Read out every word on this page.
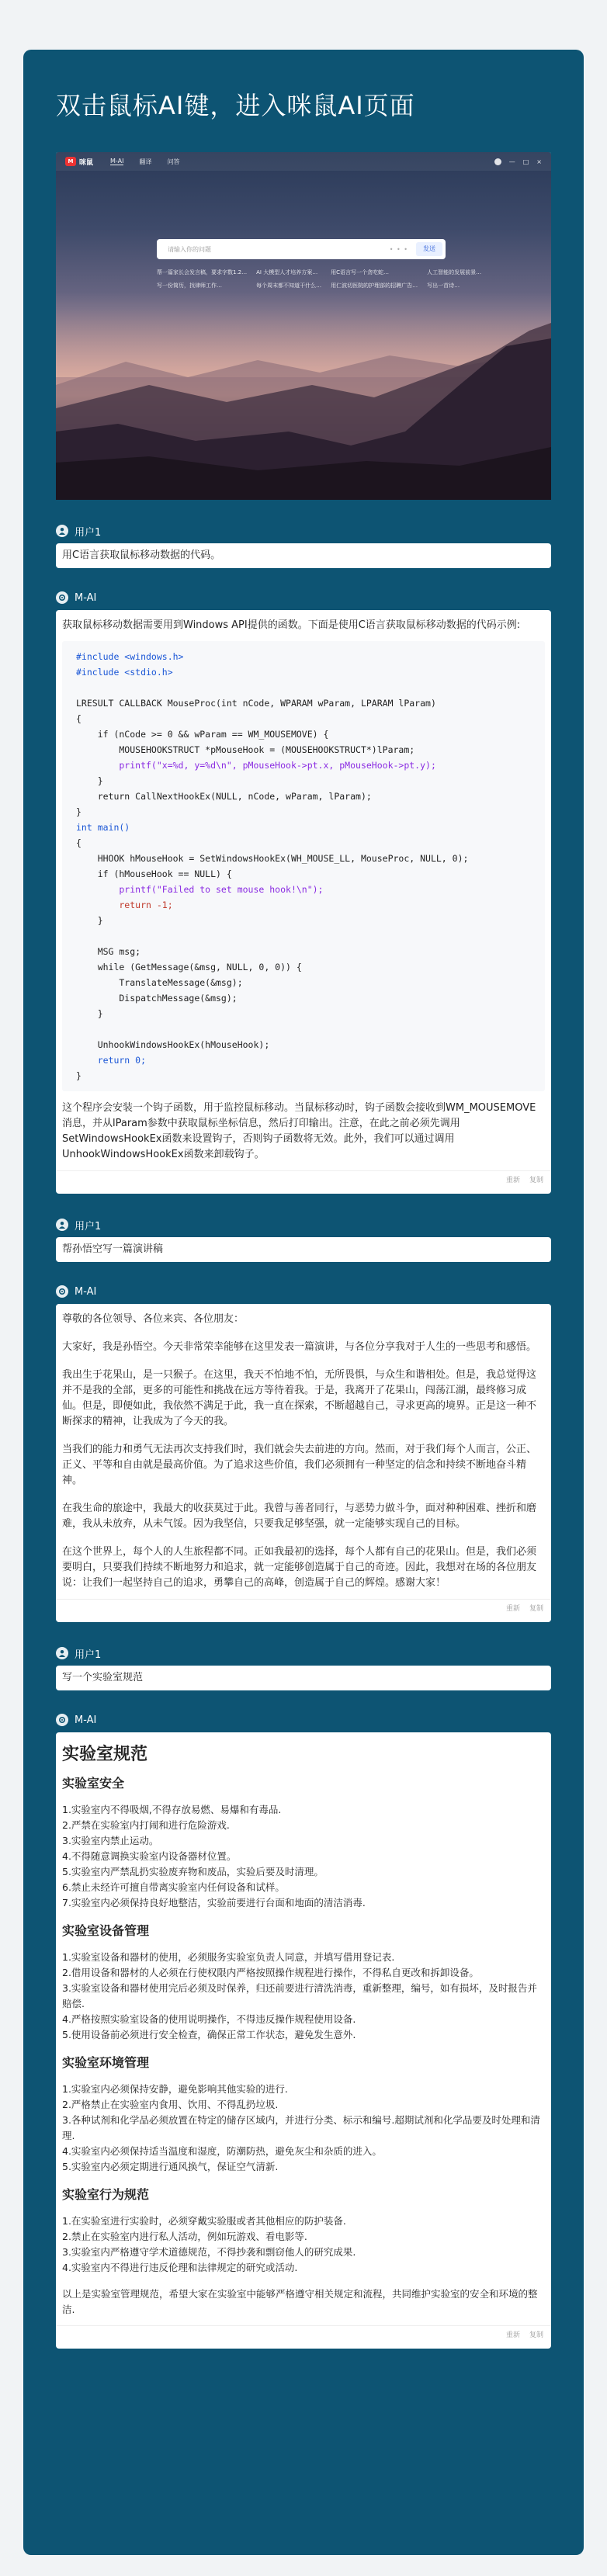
双击鼠标AI键，进入咪鼠AI页面
M 咪鼠	M-AI	翻译	问答	— □ ×
请输入你的问题	• • •	发送
帮一篇家长会发言稿，要求字数1.2… AI 大模型人才培养方案…	用C语言写一个贪吃蛇…	人工智能的发展前景…
写一份简历，找律师工作…	每个周末都不知道干什么… 用仁波切医院的护理部的招聘广告… 写出一首诗…
用户1
用C语言获取鼠标移动数据的代码。
M-AI
获取鼠标移动数据需要用到Windows API提供的函数。下面是使用C语言获取鼠标移动数据的代码示例:
#include <windows.h>
#include <stdio.h>

LRESULT CALLBACK MouseProc(int nCode, WPARAM wParam, LPARAM lParam)
{
if (nCode >= 0 && wParam == WM_MOUSEMOVE) {
MOUSEHOOKSTRUCT *pMouseHook = (MOUSEHOOKSTRUCT*)lParam;
printf("x=%d, y=%d\n", pMouseHook->pt.x, pMouseHook->pt.y);
}
return CallNextHookEx(NULL, nCode, wParam, lParam);
}
int main()
{
HHOOK hMouseHook = SetWindowsHookEx(WH_MOUSE_LL, MouseProc, NULL, 0);
if (hMouseHook == NULL) {
printf("Failed to set mouse hook!\n");
return -1;
}

MSG msg;
while (GetMessage(&msg, NULL, 0, 0)) {
TranslateMessage(&msg);
DispatchMessage(&msg);
}

UnhookWindowsHookEx(hMouseHook);
return 0;
}
这个程序会安装一个钩子函数，用于监控鼠标移动。当鼠标移动时，钩子函数会接收到WM_MOUSEMOVE消息，并从lParam参数中获取鼠标坐标信息，然后打印输出。注意，在此之前必须先调用SetWindowsHookEx函数来设置钩子，否则钩子函数将无效。此外，我们可以通过调用UnhookWindowsHookEx函数来卸载钩子。
重新 复制
用户1
帮孙悟空写一篇演讲稿
M-AI

尊敬的各位领导、各位来宾、各位朋友：

大家好，我是孙悟空。今天非常荣幸能够在这里发表一篇演讲，与各位分享我对于人生的一些思考和感悟。

我出生于花果山，是一只猴子。在这里，我天不怕地不怕，无所畏惧，与众生和谐相处。但是，我总觉得这并不是我的全部，更多的可能性和挑战在远方等待着我。于是，我离开了花果山，闯荡江湖，最终修习成仙。但是，即便如此，我依然不满足于此，我一直在探索，不断超越自己，寻求更高的境界。正是这一种不断探求的精神，让我成为了今天的我。

当我们的能力和勇气无法再次支持我们时，我们就会失去前进的方向。然而，对于我们每个人而言，公正、正义、平等和自由就是最高价值。为了追求这些价值，我们必须拥有一种坚定的信念和持续不断地奋斗精神。

在我生命的旅途中，我最大的收获莫过于此。我曾与善者同行，与恶势力做斗争，面对种种困难、挫折和磨难，我从未放弃，从未气馁。因为我坚信，只要我足够坚强，就一定能够实现自己的目标。

在这个世界上，每个人的人生旅程都不同。正如我最初的选择，每个人都有自己的花果山。但是，我们必须要明白，只要我们持续不断地努力和追求，就一定能够创造属于自己的奇迹。因此，我想对在场的各位朋友说：让我们一起坚持自己的追求，勇攀自己的高峰，创造属于自己的辉煌。感谢大家！

重新 复制
用户1
写一个实验室规范
M-AI
实验室规范
实验室安全
1.实验室内不得吸烟,不得存放易燃、易爆和有毒品.
2.严禁在实验室内打闹和进行危险游戏.
3.实验室内禁止运动。
4.不得随意调换实验室内设备器材位置。
5.实验室内严禁乱扔实验废弃物和废品，实验后要及时清理。
6.禁止未经许可擅自带离实验室内任何设备和试样。
7.实验室内必须保持良好地整洁，实验前要进行台面和地面的清洁消毒.
实验室设备管理
1.实验室设备和器材的使用，必须服务实验室负责人同意，并填写借用登记表.
2.借用设备和器材的人必须在行使权限内严格按照操作规程进行操作，不得私自更改和拆卸设备。
3.实验室设备和器材使用完后必须及时保养，归还前要进行清洗消毒，重新整理，编号，如有损坏，及时报告并赔偿.
4.严格按照实验室设备的使用说明操作，不得违反操作规程使用设备.
5.使用设备前必须进行安全检查，确保正常工作状态，避免发生意外.
实验室环境管理
1.实验室内必须保持安静，避免影响其他实验的进行.
2.严格禁止在实验室内食用、饮用、不得乱扔垃圾.
3.各种试剂和化学品必须放置在特定的储存区域内，并进行分类、标示和编号.超期试剂和化学品要及时处理和清理.
4.实验室内必须保持适当温度和湿度，防潮防热，避免灰尘和杂质的进入。
5.实验室内必须定期进行通风换气，保证空气清新.
实验室行为规范
1.在实验室进行实验时，必须穿戴实验服或者其他相应的防护装备.
2.禁止在实验室内进行私人活动，例如玩游戏、看电影等.
3.实验室内严格遵守学术道德规范，不得抄袭和剽窃他人的研究成果.
4.实验室内不得进行违反伦理和法律规定的研究或活动.
以上是实验室管理规范，希望大家在实验室中能够严格遵守相关规定和流程，共同维护实验室的安全和环境的整洁.
重新 复制
